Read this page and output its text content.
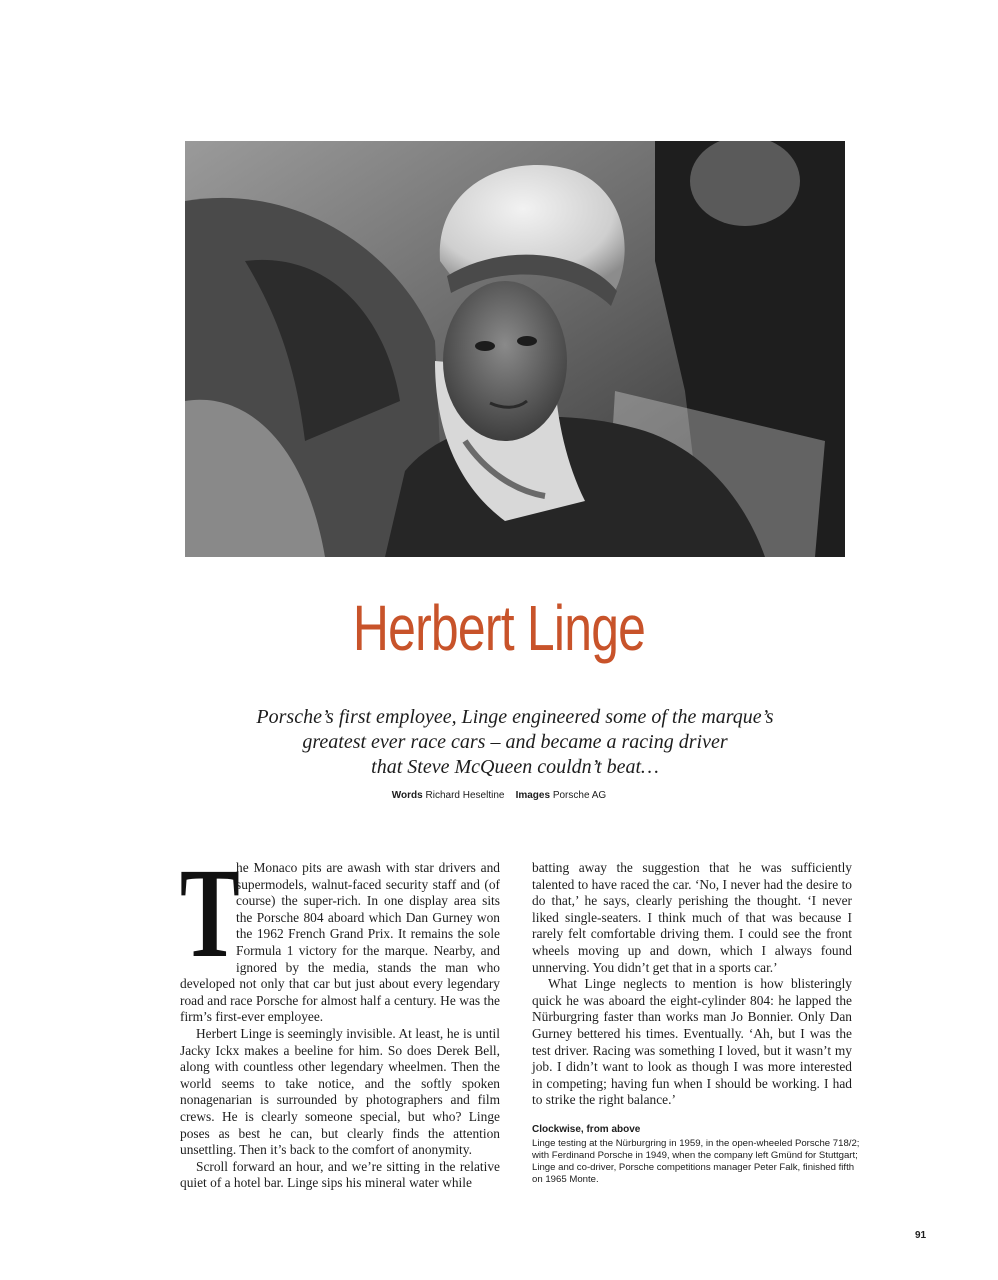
Herbert Linge
Porsche’s first employee, Linge engineered some of the marque’s
greatest ever race cars – and became a racing driver
that Steve McQueen couldn’t beat…
Words Richard Heseltine Images Porsche AG

T
he Monaco pits are awash with star drivers and supermodels, walnut-faced security staff and (of course) the super-rich. In one display area sits the Porsche 804 aboard which Dan Gurney won the 1962 French Grand Prix. It remains the sole Formula 1 victory for the marque. Nearby, and ignored by the media, stands the man who developed not only that car but just about every legendary road and race Porsche for almost half a century. He was the firm’s first-ever employee.

Herbert Linge is seemingly invisible. At least, he is until Jacky Ickx makes a beeline for him. So does Derek Bell, along with countless other legendary wheelmen. Then the world seems to take notice, and the softly spoken nonagenarian is surrounded by photographers and film crews. He is clearly someone special, but who? Linge poses as best he can, but clearly finds the attention unsettling. Then it’s back to the comfort of anonymity.

Scroll forward an hour, and we’re sitting in the relative quiet of a hotel bar. Linge sips his mineral water while

batting away the suggestion that he was sufficiently talented to have raced the car. ‘No, I never had the desire to do that,’ he says, clearly perishing the thought. ‘I never liked single-seaters. I think much of that was because I rarely felt comfortable driving them. I could see the front wheels moving up and down, which I always found unnerving. You didn’t get that in a sports car.’

What Linge neglects to mention is how blisteringly quick he was aboard the eight-cylinder 804: he lapped the Nürburgring faster than works man Jo Bonnier. Only Dan Gurney bettered his times. Eventually. ‘Ah, but I was the test driver. Racing was something I loved, but it wasn’t my job. I didn’t want to look as though I was more interested in competing; having fun when I should be working. I had to strike the right balance.’

Clockwise, from above
Linge testing at the Nürburgring in 1959, in the open-wheeled Porsche 718/2; with Ferdinand Porsche in 1949, when the company left Gmünd for Stuttgart; Linge and co-driver, Porsche competitions manager Peter Falk, finished fifth on 1965 Monte.
91
